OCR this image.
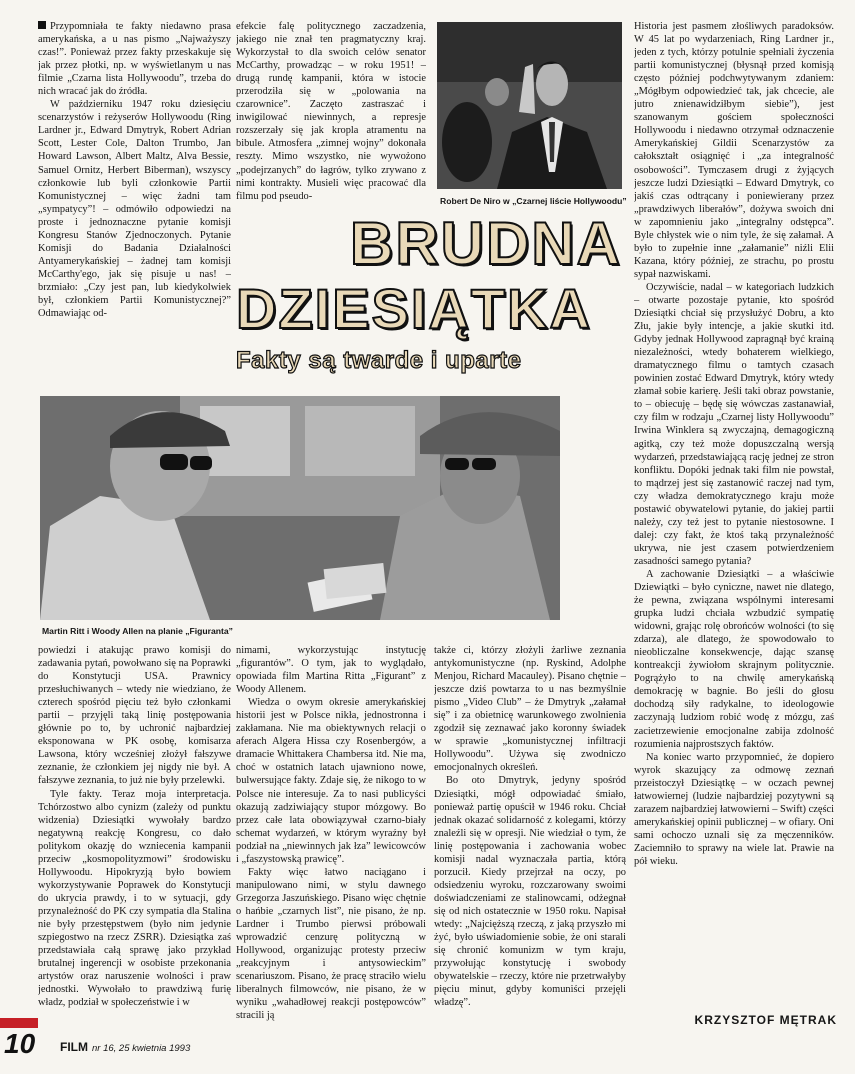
Przypomniała te fakty niedawno prasa amerykańska, a u nas pismo „Najważyszy czas!”. Ponieważ przez fakty przeskakuje się jak przez płotki, np. w wyświetlanym u nas filmie „Czarna lista Hollywoodu”, trzeba do nich wracać jak do źródła.

W październiku 1947 roku dziesięciu scenarzystów i reżyserów Hollywoodu (Ring Lardner jr., Edward Dmytryk, Robert Adrian Scott, Lester Cole, Dalton Trumbo, Jan Howard Lawson, Albert Maltz, Alva Bessie, Samuel Ornitz, Herbert Biberman), wszyscy członkowie lub byli członkowie Partii Komunistycznej – więc żadni tam „sympatycy”! – odmówiło odpowiedzi na proste i jednoznaczne pytanie komisji Kongresu Stanów Zjednoczonych. Pytanie Komisji do Badania Działalności Antyamerykańskiej – żadnej tam komisji McCarthy'ego, jak się pisuje u nas! – brzmiało: „Czy jest pan, lub kiedykolwiek był, członkiem Partii Komunistycznej?” Odmawiając od-

efekcie falę politycznego zaczadzenia, jakiego nie znał ten pragmatyczny kraj. Wykorzystał to dla swoich celów senator McCarthy, prowadząc – w roku 1951! – drugą rundę kampanii, która w istocie przerodziła się w „polowania na czarownice”. Zaczęto zastraszać i inwigilować niewinnych, a represje rozszerzały się jak kropla atramentu na bibule. Atmosfera „zimnej wojny” dokonała reszty. Mimo wszystko, nie wywożono „podejrzanych” do łagrów, tylko zrywano z nimi kontrakty. Musieli więc pracować dla filmu pod pseudo-	Robert De Niro w „Czarnej liście Hollywoodu”

Historia jest pasmem złośliwych paradoksów. W 45 lat po wydarzeniach, Ring Lardner jr., jeden z tych, którzy potulnie spełniali życzenia partii komunistycznej (błysnął przed komisją często później podchwytywanym zdaniem: „Mógłbym odpowiedzieć tak, jak chcecie, ale jutro znienawidziłbym siebie”), jest szanowanym gościem społeczności Hollywoodu i niedawno otrzymał odznaczenie Amerykańskiej Gildii Scenarzystów za całokształt osiągnięć i „za integralność osobowości”. Tymczasem drugi z żyjących jeszcze ludzi Dziesiątki – Edward Dmytryk, co jakiś czas odtrącany i poniewierany przez „prawdziwych liberałów”, dożywa swoich dni w zapomnieniu jako „integralny odstępca”. Byle chłystek wie o nim tyle, że się załamał. A było to zupełnie inne „załamanie” niźli Elii Kazana, który później, ze strachu, po prostu sypał nazwiskami.

Oczywiście, nadal – w kategoriach ludzkich – otwarte pozostaje pytanie, kto spośród Dziesiątki chciał się przysłużyć Dobru, a kto Złu, jakie były intencje, a jakie skutki itd. Gdyby jednak Hollywood zapragnął być krainą niezależności, wtedy bohaterem wielkiego, dramatycznego filmu o tamtych czasach powinien zostać Edward Dmytryk, który wtedy złamał sobie karierę. Jeśli taki obraz powstanie, to – obiecuję – będę się wówczas zastanawiał, czy film w rodzaju „Czarnej listy Hollywoodu” Irwina Winklera są zwyczajną, demagogiczną agitką, czy też może dopuszczalną wersją wydarzeń, przedstawiającą rację jednej ze stron konfliktu. Dopóki jednak taki film nie powstał, to mądrzej jest się zastanowić raczej nad tym, czy władza demokratycznego kraju może postawić obywatelowi pytanie, do jakiej partii należy, czy też jest to pytanie niestosowne. I dalej: czy fakt, że ktoś taką przynależność ukrywa, nie jest czasem potwierdzeniem zasadności samego pytania?

A zachowanie Dziesiątki – a właściwie Dziewiątki – było cyniczne, nawet nie dlatego, że pewna, związana wspólnymi interesami grupka ludzi chciała wzbudzić sympatię widowni, grając rolę obrońców wolności (to się zdarza), ale dlatego, że spowodowało to nieobliczalne konsekwencje, dając szansę kontreakcji żywiołom skrajnym politycznie. Pogrążyło to na chwilę amerykańską demokrację w bagnie. Bo jeśli do głosu dochodzą siły radykalne, to ideologowie zaczynają ludziom robić wodę z mózgu, zaś zacietrzewienie emocjonalne zabija zdolność rozumienia najprostszych faktów.

Na koniec warto przypomnieć, że dopiero wyrok skazujący za odmowę zeznań przeistoczył Dziesiątkę – w oczach pewnej łatwowiernej (ludzie najbardziej pozytywni są zarazem najbardziej łatwowierni – Swift) części amerykańskiej opinii publicznej – w ofiary. Oni sami ochoczo uznali się za męczenników. Zaciemniło to sprawy na wiele lat. Prawie na pół wieku.

BRUDNA
DZIESIĄTKA
Fakty są twarde i uparte

Martin Ritt i Woody Allen na planie „Figuranta”

powiedzi i atakując prawo komisji do zadawania pytań, powołwano się na Poprawki do Konstytucji USA. Prawnicy przesłuchiwanych – wtedy nie wiedziano, że czterech spośród pięciu też było członkami partii – przyjęli taką linię postępowania głównie po to, by uchronić najbardziej eksponowana w PK osobę, komisarza Lawsona, który wcześniej złożył fałszywe zeznanie, że członkiem jej nigdy nie był. A fałszywe zeznania, to już nie były przelewki.

Tyle fakty. Teraz moja interpretacja. Tchórzostwo albo cynizm (zależy od punktu widzenia) Dziesiątki wywołały bardzo negatywną reakcję Kongresu, co dało politykom okazję do wzniecenia kampanii przeciw „kosmopolityzmowi” środowisku Hollywoodu. Hipokryzją było bowiem wykorzystywanie Poprawek do Konstytucji do ukrycia prawdy, i to w sytuacji, gdy przynależność do PK czy sympatia dla Stalina nie były przestępstwem (było nim jedynie szpiegostwo na rzecz ZSRR). Dziesiątka zaś przedstawiała całą sprawę jako przykład brutalnej ingerencji w osobiste przekonania artystów oraz naruszenie wolności i praw jednostki. Wywołało to prawdziwą furię władz, podział w społeczeństwie i w

nimami, wykorzystując instytucję „figurantów”. O tym, jak to wyglądało, opowiada film Martina Ritta „Figurant” z Woody Allenem.

Wiedza o owym okresie amerykańskiej historii jest w Polsce nikła, jednostronna i zakłamana. Nie ma obiektywnych relacji o aferach Algera Hissa czy Rosenbergów, a dramacie Whittakera Chambersa itd. Nie ma, choć w ostatnich latach ujawniono nowe, bulwersujące fakty. Zdaje się, że nikogo to w Polsce nie interesuje. Za to nasi publicyści okazują zadziwiający stupor mózgowy. Bo przez całe lata obowiązywał czarno-biały schemat wydarzeń, w którym wyraźny był podział na „niewinnych jak łza” lewicowców i „faszystowską prawicę”.

Fakty więc łatwo naciągano i manipulowano nimi, w stylu dawnego Grzegorza Jaszuńskiego. Pisano więc chętnie o hańbie „czarnych list”, nie pisano, że np. Lardner i Trumbo pierwsi próbowali wprowadzić cenzurę polityczną w Hollywood, organizując protesty przeciw „reakcyjnym i antysowieckim” scenariuszom. Pisano, że pracę straciło wielu liberalnych filmowców, nie pisano, że w wyniku „wahadłowej reakcji postępowców” stracili ją

także ci, którzy złożyli żarliwe zeznania antykomunistyczne (np. Ryskind, Adolphe Menjou, Richard Macauley). Pisano chętnie – jeszcze dziś powtarza to u nas bezmyślnie pismo „Video Club” – że Dmytryk „załamał się” i za obietnicę warunkowego zwolnienia zgodził się zeznawać jako koronny świadek w sprawie „komunistycznej infiltracji Hollywoodu”. Używa się zwodniczo emocjonalnych określeń.

Bo oto Dmytryk, jedyny spośród Dziesiątki, mógł odpowiadać śmiało, ponieważ partię opuścił w 1946 roku. Chciał jednak okazać solidarność z kolegami, którzy znaleźli się w opresji. Nie wiedział o tym, że linię postępowania i zachowania wobec komisji nadal wyznaczała partia, którą porzucił. Kiedy przejrzał na oczy, po odsiedzeniu wyroku, rozczarowany swoimi doświadczeniami ze stalinowcami, odżegnał się od nich ostatecznie w 1950 roku. Napisał wtedy: „Najcięższą rzeczą, z jaką przyszło mi żyć, było uświadomienie sobie, że oni starali się chronić komunizm w tym kraju, przywołując konstytucję i swobody obywatelskie – rzeczy, które nie przetrwałyby pięciu minut, gdyby komuniści przejęli władzę”.

KRZYSZTOF MĘTRAK
10	FILM nr 16, 25 kwietnia 1993
